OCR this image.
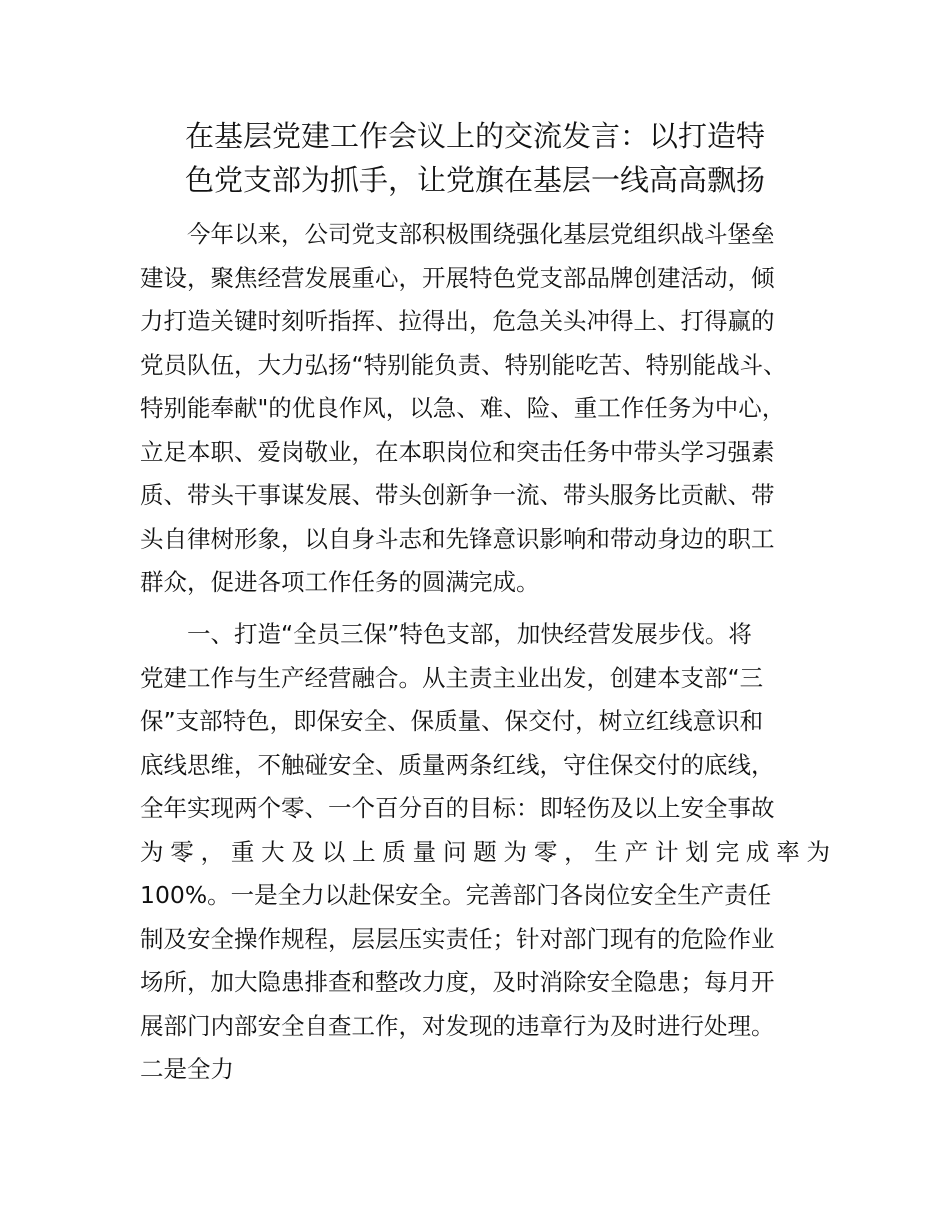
在基层党建工作会议上的交流发言：以打造特
色党支部为抓手，让党旗在基层一线高高飘扬
今年以来，公司党支部积极围绕强化基层党组织战斗堡垒
建设，聚焦经营发展重心，开展特色党支部品牌创建活动，倾
力打造关键时刻听指挥、拉得出，危急关头冲得上、打得赢的
党员队伍，大力弘扬“特别能负责、特别能吃苦、特别能战斗、
特别能奉献"的优良作风，以急、难、险、重工作任务为中心，
立足本职、爱岗敬业，在本职岗位和突击任务中带头学习强素
质、带头干事谋发展、带头创新争一流、带头服务比贡献、带
头自律树形象，以自身斗志和先锋意识影响和带动身边的职工
群众，促进各项工作任务的圆满完成。
一、打造“全员三保”特色支部，加快经营发展步伐。将
党建工作与生产经营融合。从主责主业出发，创建本支部“三
保”支部特色，即保安全、保质量、保交付，树立红线意识和
底线思维，不触碰安全、质量两条红线，守住保交付的底线，
全年实现两个零、一个百分百的目标：即轻伤及以上安全事故
为零，重大及以上质量问题为零，生产计划完成率为
100%。一是全力以赴保安全。完善部门各岗位安全生产责任
制及安全操作规程，层层压实责任；针对部门现有的危险作业
场所，加大隐患排查和整改力度，及时消除安全隐患；每月开
展部门内部安全自查工作，对发现的违章行为及时进行处理。
二是全力
